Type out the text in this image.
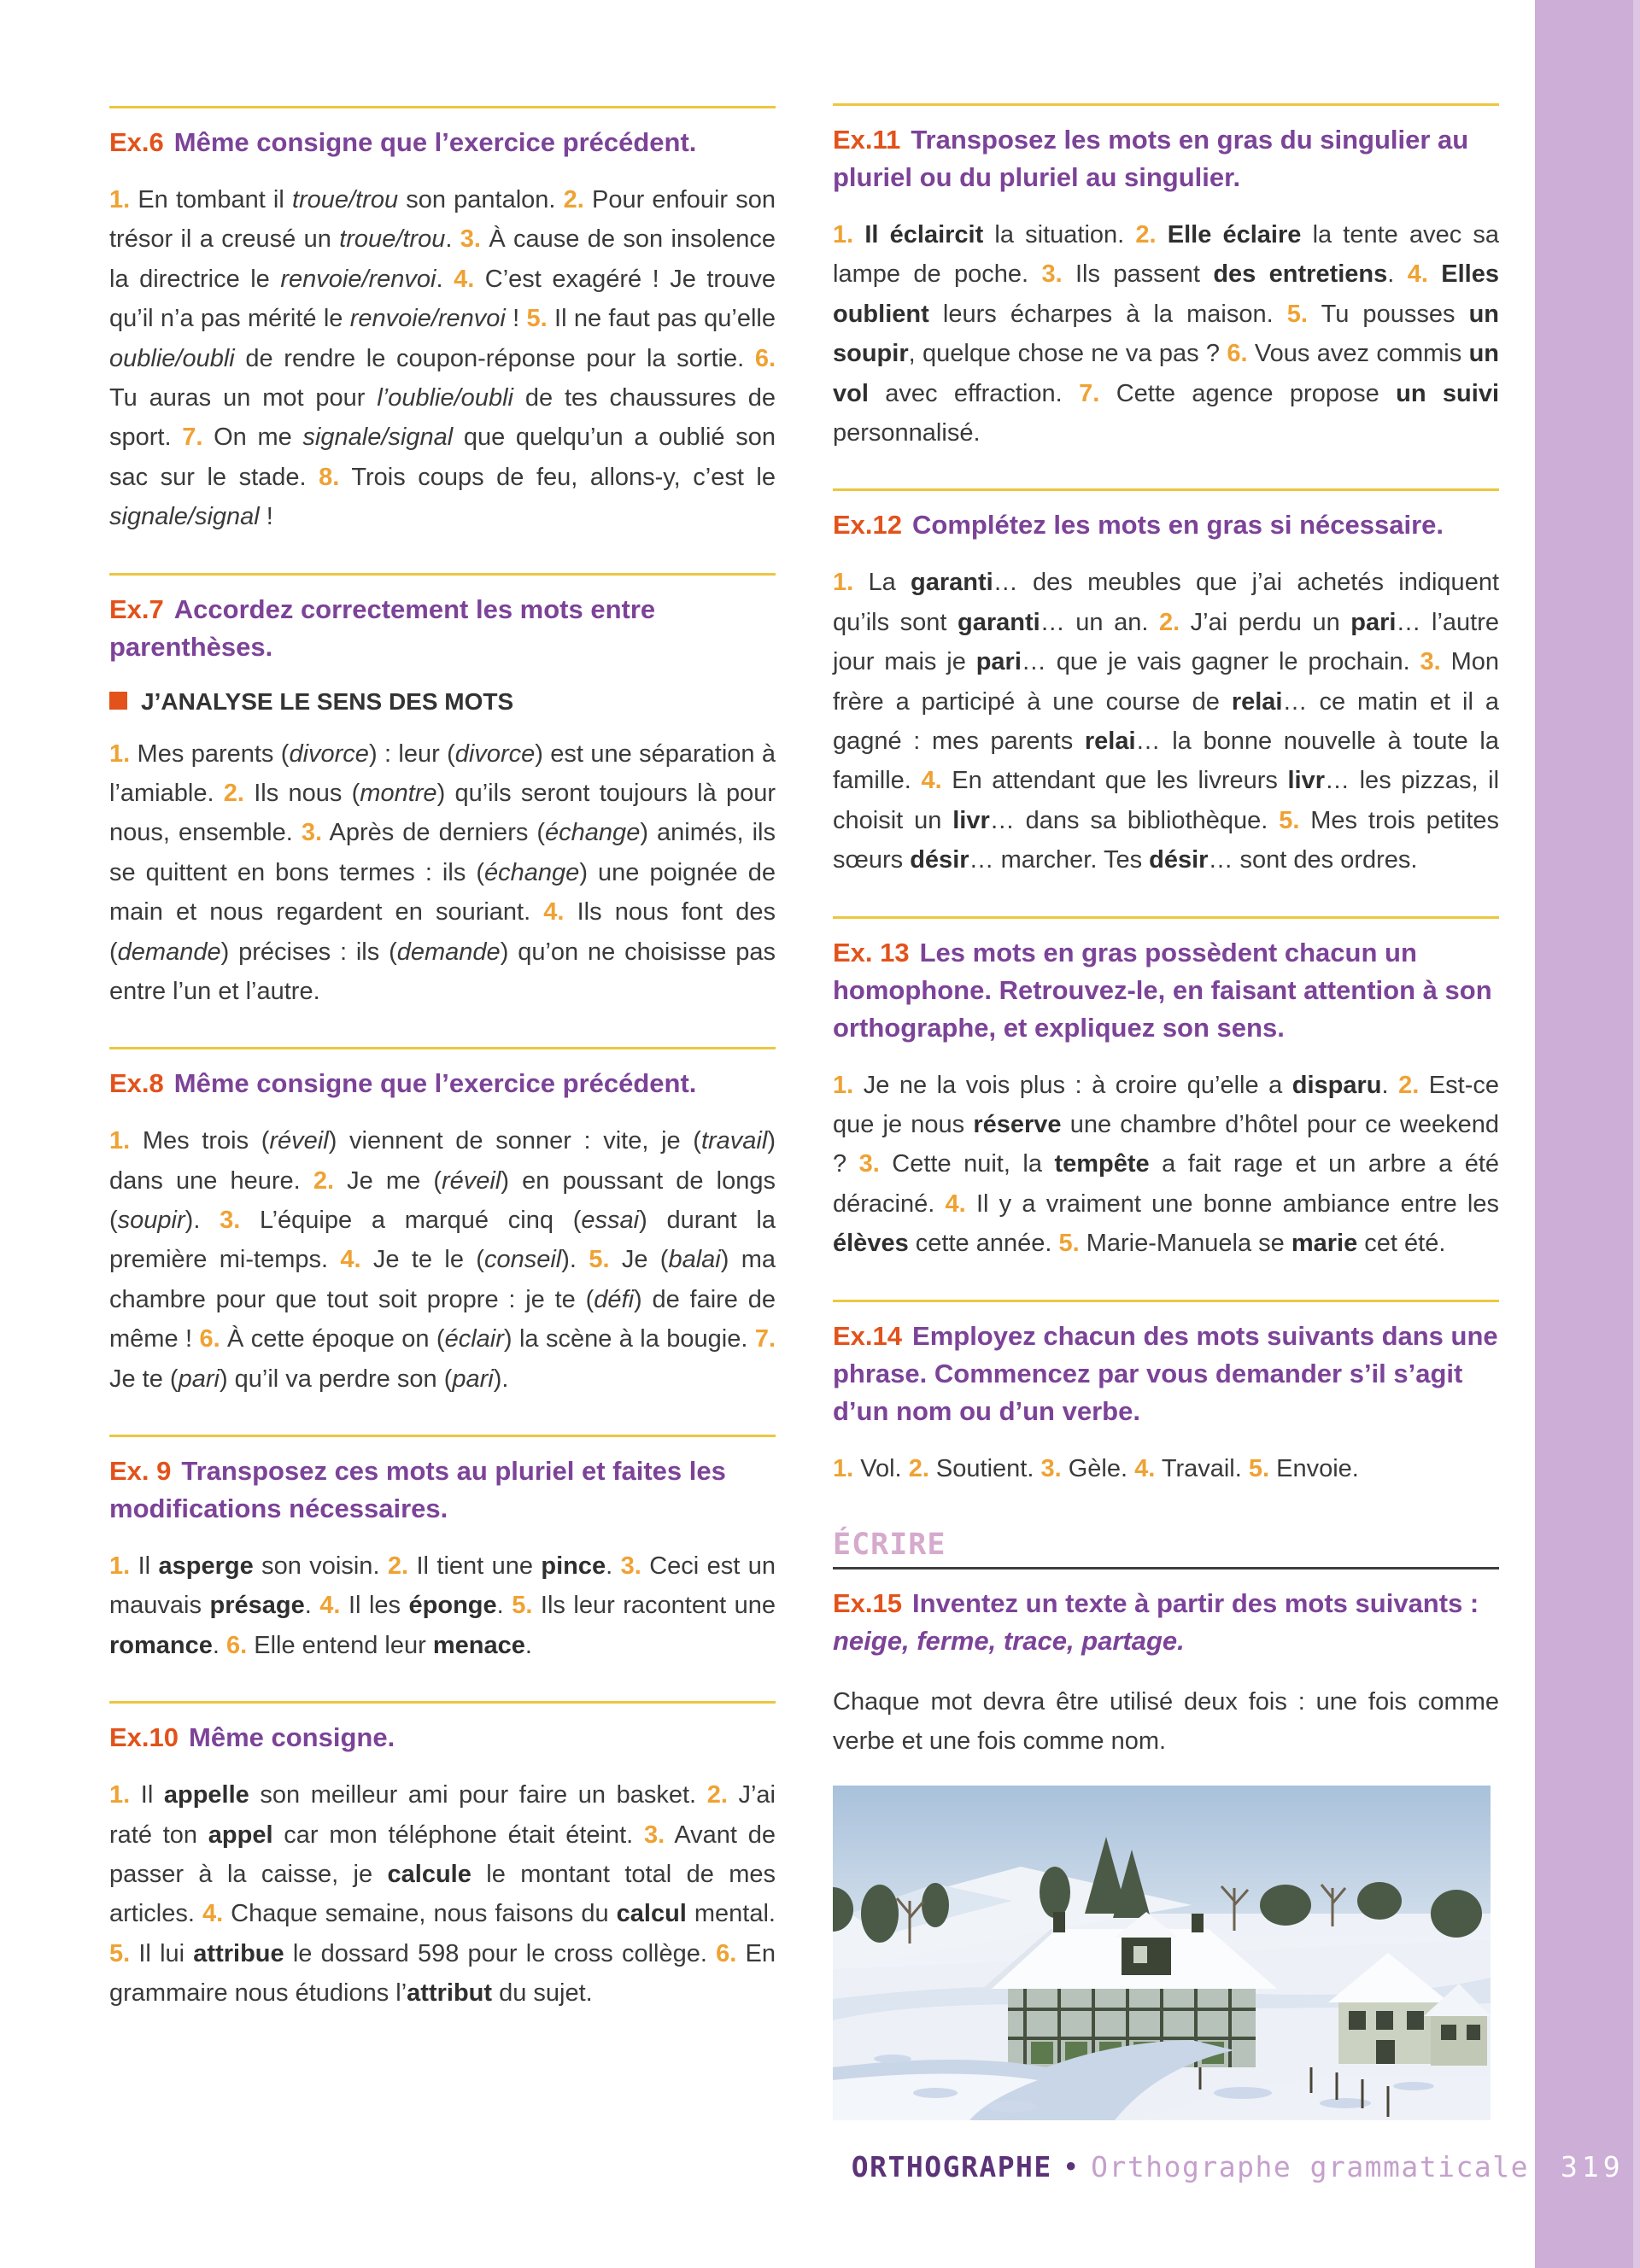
Ex.6 Même consigne que l’exercice précédent.

1. En tombant il troue/trou son pantalon. 2. Pour enfouir son trésor il a creusé un troue/trou. 3. À cause de son insolence la directrice le renvoie/renvoi. 4. C’est exagéré ! Je trouve qu’il n’a pas mérité le renvoie/renvoi ! 5. Il ne faut pas qu’elle oublie/oubli de rendre le coupon-réponse pour la sortie. 6. Tu auras un mot pour l’oublie/oubli de tes chaussures de sport. 7. On me signale/signal que quelqu’un a oublié son sac sur le stade. 8. Trois coups de feu, allons-y, c’est le signale/signal !

Ex.7 Accordez correctement les mots entre parenthèses.

J’ANALYSE LE SENS DES MOTS

1. Mes parents (divorce) : leur (divorce) est une séparation à l’amiable. 2. Ils nous (montre) qu’ils seront toujours là pour nous, ensemble. 3. Après de derniers (échange) animés, ils se quittent en bons termes : ils (échange) une poignée de main et nous regardent en souriant. 4. Ils nous font des (demande) précises : ils (demande) qu’on ne choisisse pas entre l’un et l’autre.

Ex.8 Même consigne que l’exercice précédent.

1. Mes trois (réveil) viennent de sonner : vite, je (travail) dans une heure. 2. Je me (réveil) en poussant de longs (soupir). 3. L’équipe a marqué cinq (essai) durant la première mi-temps. 4. Je te le (conseil). 5. Je (balai) ma chambre pour que tout soit propre : je te (défi) de faire de même ! 6. À cette époque on (éclair) la scène à la bougie. 7. Je te (pari) qu’il va perdre son (pari).

Ex. 9 Transposez ces mots au pluriel et faites les modifications nécessaires.

1. Il asperge son voisin. 2. Il tient une pince. 3. Ceci est un mauvais présage. 4. Il les éponge. 5. Ils leur racontent une romance. 6. Elle entend leur menace.

Ex.10 Même consigne.

1. Il appelle son meilleur ami pour faire un basket. 2. J’ai raté ton appel car mon téléphone était éteint. 3. Avant de passer à la caisse, je calcule le montant total de mes articles. 4. Chaque semaine, nous faisons du calcul mental. 5. Il lui attribue le dossard 598 pour le cross collège. 6. En grammaire nous étudions l’attribut du sujet.

Ex.11 Transposez les mots en gras du singulier au pluriel ou du pluriel au singulier.

1. Il éclaircit la situation. 2. Elle éclaire la tente avec sa lampe de poche. 3. Ils passent des entretiens. 4. Elles oublient leurs écharpes à la maison. 5. Tu pousses un soupir, quelque chose ne va pas ? 6. Vous avez commis un vol avec effraction. 7. Cette agence propose un suivi personnalisé.

Ex.12 Complétez les mots en gras si nécessaire.

1. La garanti… des meubles que j’ai achetés indiquent qu’ils sont garanti… un an. 2. J’ai perdu un pari… l’autre jour mais je pari… que je vais gagner le prochain. 3. Mon frère a participé à une course de relai… ce matin et il a gagné : mes parents relai… la bonne nouvelle à toute la famille. 4. En attendant que les livreurs livr… les pizzas, il choisit un livr… dans sa bibliothèque. 5. Mes trois petites sœurs désir… marcher. Tes désir… sont des ordres.

Ex. 13 Les mots en gras possèdent chacun un homophone. Retrouvez-le, en faisant attention à son orthographe, et expliquez son sens.

1. Je ne la vois plus : à croire qu’elle a disparu. 2. Est-ce que je nous réserve une chambre d’hôtel pour ce weekend ? 3. Cette nuit, la tempête a fait rage et un arbre a été déraciné. 4. Il y a vraiment une bonne ambiance entre les élèves cette année. 5. Marie-Manuela se marie cet été.

Ex.14 Employez chacun des mots suivants dans une phrase. Commencez par vous demander s’il s’agit d’un nom ou d’un verbe.

1. Vol. 2. Soutient. 3. Gèle. 4. Travail. 5. Envoie.

ÉCRIRE
Ex.15 Inventez un texte à partir des mots suivants : neige, ferme, trace, partage.

Chaque mot devra être utilisé deux fois : une fois comme verbe et une fois comme nom.

ORTHOGRAPHE • Orthographe grammaticale	319
